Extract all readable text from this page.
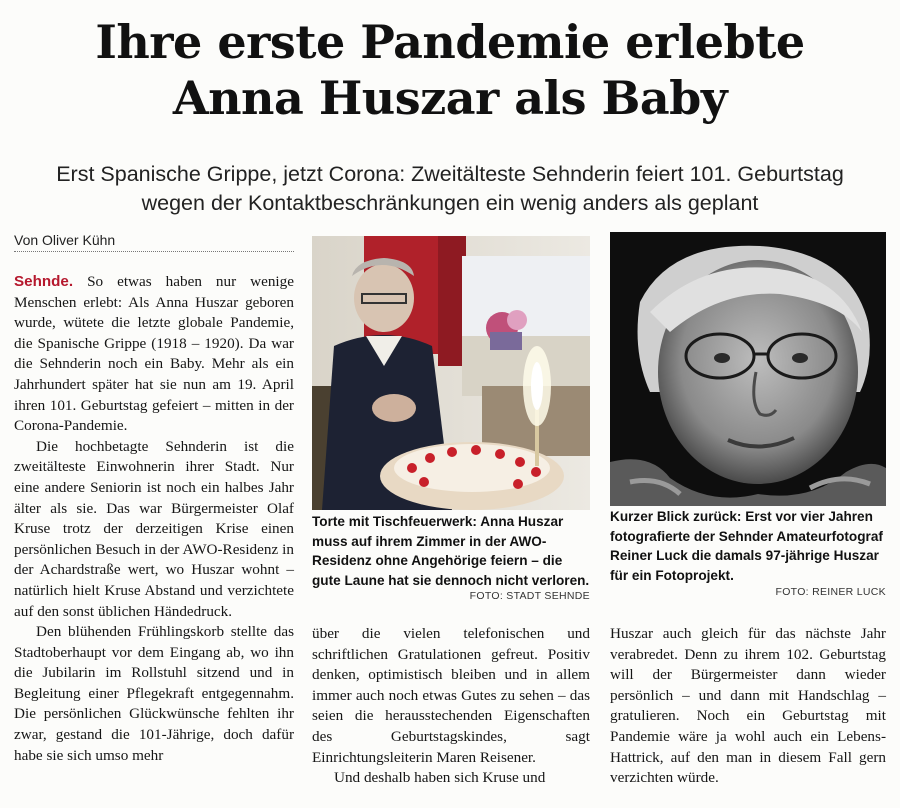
Ihre erste Pandemie erlebte
Anna Huszar als Baby
Erst Spanische Grippe, jetzt Corona: Zweitälteste Sehnderin feiert 101. Geburtstag
wegen der Kontaktbeschränkungen ein wenig anders als geplant
Von Oliver Kühn

Sehnde. So etwas haben nur wenige Menschen erlebt: Als Anna Huszar geboren wurde, wütete die letzte globale Pandemie, die Spanische Grippe (1918 – 1920). Da war die Sehnderin noch ein Baby. Mehr als ein Jahrhundert später hat sie nun am 19. April ihren 101. Geburtstag gefeiert – mitten in der Corona-Pandemie.

Die hochbetagte Sehnderin ist die zweitälteste Einwohnerin ihrer Stadt. Nur eine andere Seniorin ist noch ein halbes Jahr älter als sie. Das war Bürgermeister Olaf Kruse trotz der derzeitigen Krise einen persönlichen Besuch in der AWO-Residenz in der Achardstraße wert, wo Huszar wohnt – natürlich hielt Kruse Abstand und verzichtete auf den sonst üblichen Händedruck.

Den blühenden Frühlingskorb stellte das Stadtoberhaupt vor dem Eingang ab, wo ihn die Jubilarin im Rollstuhl sitzend und in Begleitung einer Pflegekraft entgegennahm. Die persönlichen Glückwünsche fehlten ihr zwar, gestand die 101-Jährige, doch dafür habe sie sich umso mehr

Torte mit Tischfeuerwerk: Anna Huszar muss auf ihrem Zimmer in der AWO-Residenz ohne Angehörige feiern – die gute Laune hat sie dennoch nicht verloren.
FOTO: STADT SEHNDE

über die vielen telefonischen und schriftlichen Gratulationen gefreut. Positiv denken, optimistisch bleiben und in allem immer auch noch etwas Gutes zu sehen – das seien die herausstechenden Eigenschaften des Geburtstagskindes, sagt Einrichtungsleiterin Maren Reisener.

Und deshalb haben sich Kruse und

Kurzer Blick zurück: Erst vor vier Jahren fotografierte der Sehnder Amateurfotograf Reiner Luck die damals 97-jährige Huszar für ein Fotoprojekt.
FOTO: REINER LUCK

Huszar auch gleich für das nächste Jahr verabredet. Denn zu ihrem 102. Geburtstag will der Bürgermeister dann wieder persönlich – und dann mit Handschlag – gratulieren. Noch ein Geburtstag mit Pandemie wäre ja wohl auch ein Lebens-Hattrick, auf den man in diesem Fall gern verzichten würde.
